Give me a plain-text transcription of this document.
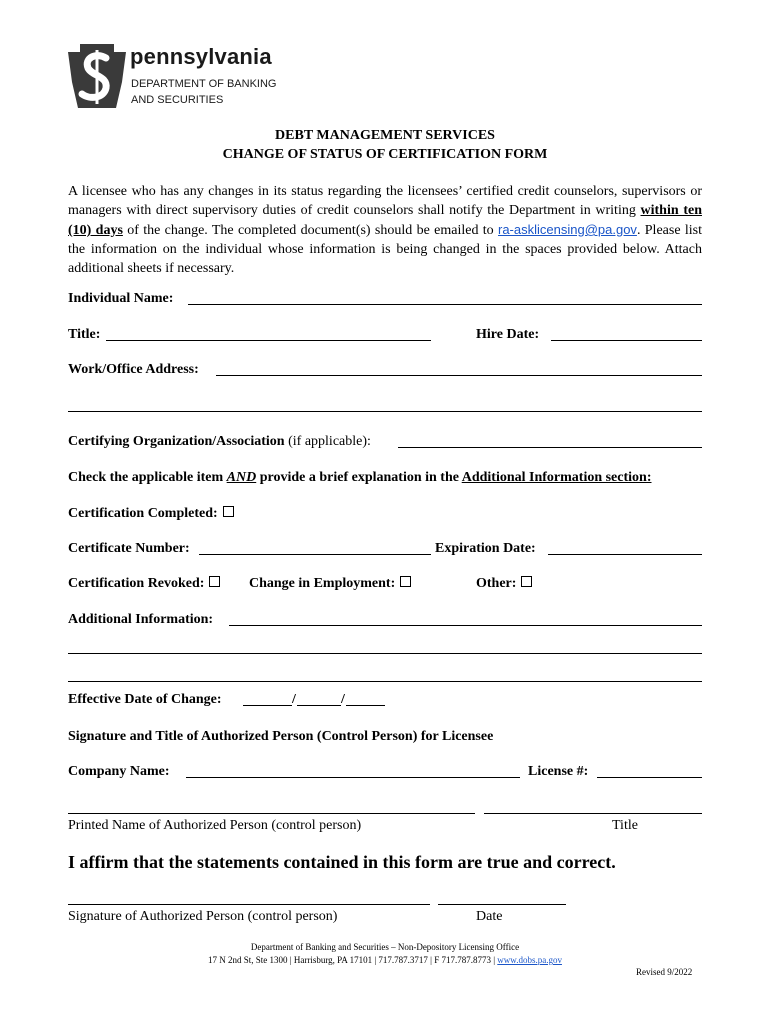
pennsylvania
DEPARTMENT OF BANKING
AND SECURITIES
DEBT MANAGEMENT SERVICES
CHANGE OF STATUS OF CERTIFICATION FORM
A licensee who has any changes in its status regarding the licensees’ certified credit counselors, supervisors or managers with direct supervisory duties of credit counselors shall notify the Department in writing within ten (10) days of the change. The completed document(s) should be emailed to ra-asklicensing@pa.gov. Please list the information on the individual whose information is being changed in the spaces provided below. Attach additional sheets if necessary.
Individual Name:
Title:	Hire Date:
Work/Office Address:
Certifying Organization/Association (if applicable):
Check the applicable item AND provide a brief explanation in the Additional Information section:
Certification Completed:
Certificate Number:	Expiration Date:
Certification Revoked:	Change in Employment:	Other:
Additional Information:
Effective Date of Change:	/	/
Signature and Title of Authorized Person (Control Person) for Licensee
Company Name:	License #:
Printed Name of Authorized Person (control person)	Title
I affirm that the statements contained in this form are true and correct.
Signature of Authorized Person (control person)	Date
Department of Banking and Securities – Non-Depository Licensing Office
17 N 2nd St, Ste 1300 | Harrisburg, PA 17101 | 717.787.3717 | F 717.787.8773 | www.dobs.pa.gov
Revised 9/2022
